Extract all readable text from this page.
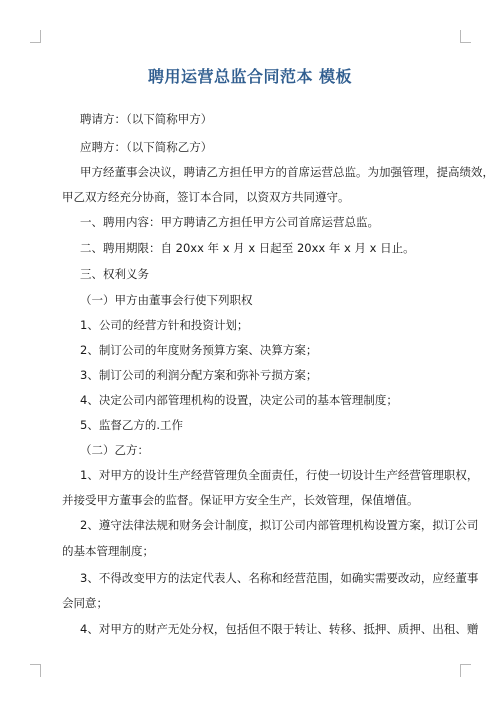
聘用运营总监合同范本 模板
聘请方：（以下简称甲方）
应聘方：（以下简称乙方）
甲方经董事会决议，聘请乙方担任甲方的首席运营总监。为加强管理，提高绩效，
甲乙双方经充分协商，签订本合同，以资双方共同遵守。
一、聘用内容：甲方聘请乙方担任甲方公司首席运营总监。
二、聘用期限：自 20xx 年 x 月 x 日起至 20xx 年 x 月 x 日止。
三、权利义务
（一）甲方由董事会行使下列职权
1、公司的经营方针和投资计划；
2、制订公司的年度财务预算方案、决算方案；
3、制订公司的利润分配方案和弥补亏损方案；
4、决定公司内部管理机构的设置，决定公司的基本管理制度；
5、监督乙方的.工作
（二）乙方：
1、对甲方的设计生产经营管理负全面责任，行使一切设计生产经营管理职权，
并接受甲方董事会的监督。保证甲方安全生产，长效管理，保值增值。
2、遵守法律法规和财务会计制度，拟订公司内部管理机构设置方案，拟订公司
的基本管理制度；
3、不得改变甲方的法定代表人、名称和经营范围，如确实需要改动，应经董事
会同意；
4、对甲方的财产无处分权，包括但不限于转让、转移、抵押、质押、出租、赠
